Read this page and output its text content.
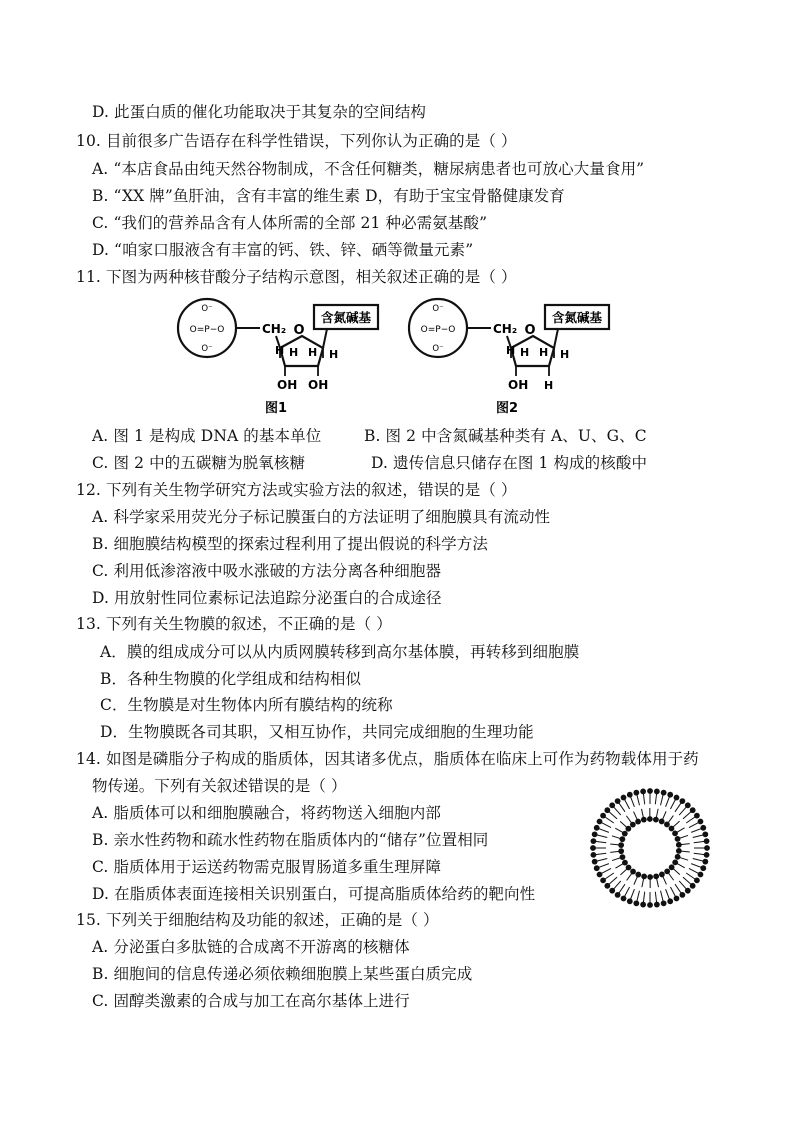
D. 此蛋白质的催化功能取决于其复杂的空间结构
10. 目前很多广告语存在科学性错误，下列你认为正确的是（ ）
A. “本店食品由纯天然谷物制成，不含任何糖类，糖尿病患者也可放心大量食用”
B. “XX 牌”鱼肝油，含有丰富的维生素 D，有助于宝宝骨骼健康发育
C. “我们的营养品含有人体所需的全部 21 种必需氨基酸”
D. “咱家口服液含有丰富的钙、铁、锌、硒等微量元素”
11. 下图为两种核苷酸分子结构示意图，相关叙述正确的是（ ）
O⁻
O=P−O
O⁻
CH₂ O
含氮碱基
H	H
H H
OH OH
图1
O⁻
O=P−O
O⁻
CH₂ O
含氮碱基
H	H
H H
OH H
图2
A. 图 1 是构成 DNA 的基本单位	B. 图 2 中含氮碱基种类有 A、U、G、C
C. 图 2 中的五碳糖为脱氧核糖	D. 遗传信息只储存在图 1 构成的核酸中
12. 下列有关生物学研究方法或实验方法的叙述，错误的是（ ）
A. 科学家采用荧光分子标记膜蛋白的方法证明了细胞膜具有流动性
B. 细胞膜结构模型的探索过程利用了提出假说的科学方法
C. 利用低渗溶液中吸水涨破的方法分离各种细胞器
D. 用放射性同位素标记法追踪分泌蛋白的合成途径
13. 下列有关生物膜的叙述，不正确的是（ ）
A．膜的组成成分可以从内质网膜转移到高尔基体膜，再转移到细胞膜
B．各种生物膜的化学组成和结构相似
C．生物膜是对生物体内所有膜结构的统称
D．生物膜既各司其职，又相互协作，共同完成细胞的生理功能
14. 如图是磷脂分子构成的脂质体，因其诸多优点，脂质体在临床上可作为药物载体用于药
物传递。下列有关叙述错误的是（ ）
A. 脂质体可以和细胞膜融合，将药物送入细胞内部
B. 亲水性药物和疏水性药物在脂质体内的“储存”位置相同
C. 脂质体用于运送药物需克服胃肠道多重生理屏障
D. 在脂质体表面连接相关识别蛋白，可提高脂质体给药的靶向性
15. 下列关于细胞结构及功能的叙述，正确的是（ ）
A. 分泌蛋白多肽链的合成离不开游离的核糖体
B. 细胞间的信息传递必须依赖细胞膜上某些蛋白质完成
C. 固醇类激素的合成与加工在高尔基体上进行
